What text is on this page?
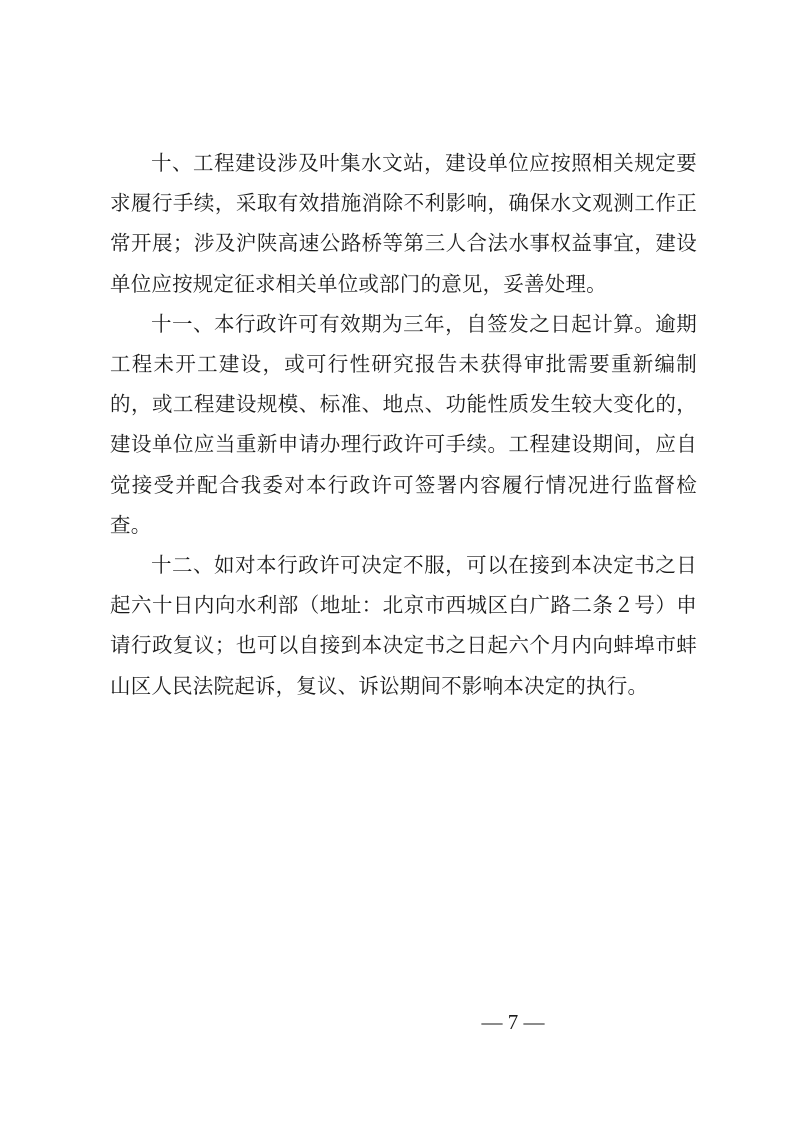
十、工程建设涉及叶集水文站，建设单位应按照相关规定要求履行手续，采取有效措施消除不利影响，确保水文观测工作正常开展；涉及沪陕高速公路桥等第三人合法水事权益事宜，建设单位应按规定征求相关单位或部门的意见，妥善处理。

十一、本行政许可有效期为三年，自签发之日起计算。逾期工程未开工建设，或可行性研究报告未获得审批需要重新编制的，或工程建设规模、标准、地点、功能性质发生较大变化的，建设单位应当重新申请办理行政许可手续。工程建设期间，应自觉接受并配合我委对本行政许可签署内容履行情况进行监督检查。

十二、如对本行政许可决定不服，可以在接到本决定书之日起六十日内向水利部（地址：北京市西城区白广路二条２号）申请行政复议；也可以自接到本决定书之日起六个月内向蚌埠市蚌山区人民法院起诉，复议、诉讼期间不影响本决定的执行。

— 7 —
